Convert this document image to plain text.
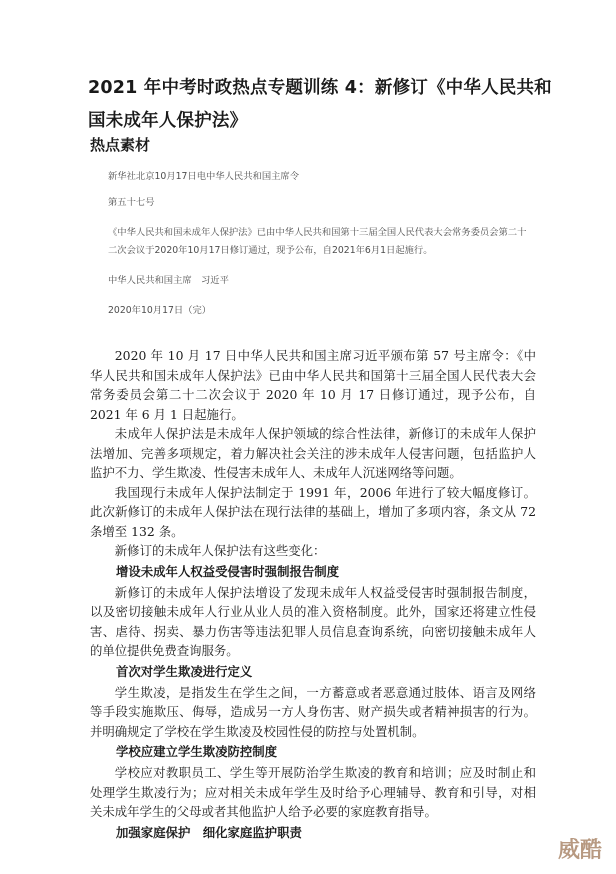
2021 年中考时政热点专题训练 4：新修订《中华人民共和
国未成年人保护法》
热点素材

新华社北京10月17日电中华人民共和国主席令

第五十七号

《中华人民共和国未成年人保护法》已由中华人民共和国第十三届全国人民代表大会常务委员会第二十二次会议于2020年10月17日修订通过，现予公布，自2021年6月1日起施行。

中华人民共和国主席　习近平

2020年10月17日（完）

2020 年 10 月 17 日中华人民共和国主席习近平颁布第 57 号主席令：《中华人民共和国未成年人保护法》已由中华人民共和国第十三届全国人民代表大会常务委员会第二十二次会议于 2020 年 10 月 17 日修订通过，现予公布，自 2021 年 6 月 1 日起施行。

未成年人保护法是未成年人保护领域的综合性法律，新修订的未成年人保护法增加、完善多项规定，着力解决社会关注的涉未成年人侵害问题，包括监护人监护不力、学生欺凌、性侵害未成年人、未成年人沉迷网络等问题。

我国现行未成年人保护法制定于 1991 年，2006 年进行了较大幅度修订。此次新修订的未成年人保护法在现行法律的基础上，增加了多项内容，条文从 72 条增至 132 条。

新修订的未成年人保护法有这些变化：

增设未成年人权益受侵害时强制报告制度

新修订的未成年人保护法增设了发现未成年人权益受侵害时强制报告制度，以及密切接触未成年人行业从业人员的准入资格制度。此外，国家还将建立性侵害、虐待、拐卖、暴力伤害等违法犯罪人员信息查询系统，向密切接触未成年人的单位提供免费查询服务。

首次对学生欺凌进行定义

学生欺凌，是指发生在学生之间，一方蓄意或者恶意通过肢体、语言及网络等手段实施欺压、侮辱，造成另一方人身伤害、财产损失或者精神损害的行为。并明确规定了学校在学生欺凌及校园性侵的防控与处置机制。

学校应建立学生欺凌防控制度

学校应对教职员工、学生等开展防治学生欺凌的教育和培训；应及时制止和处理学生欺凌行为；应对相关未成年学生及时给予心理辅导、教育和引导，对相关未成年学生的父母或者其他监护人给予必要的家庭教育指导。

加强家庭保护　细化家庭监护职责
威酷
